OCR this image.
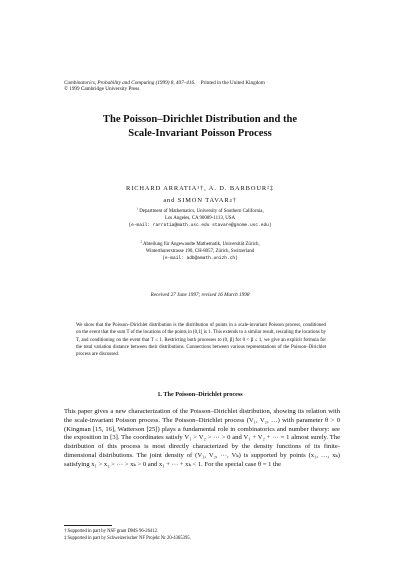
Combinatorics, Probability and Computing (1999) 8, 407–416. Printed in the United Kingdom
© 1999 Cambridge University Press
The Poisson–Dirichlet Distribution and the
Scale-Invariant Poisson Process
RICHARD ARRATIA¹†, A. D. BARBOUR²‡
and SIMON TAVARɹ†
$^1$ Department of Mathematics, University of Southern California,
Los Angeles, CA 90089-1113, USA
(e-mail: rarratia@math.usc.edu stavare@gnome.usc.edu)
$^2$ Abteilung für Angewandte Mathematik, Universität Zürich,
Winterthurerstrasse 190, CH-8057, Zürich, Switzerland
(e-mail: adb@amath.unizh.ch)
Received 27 June 1997; revised 16 March 1998
We show that the Poisson–Dirichlet distribution is the distribution of points in a scale-invariant Poisson process, conditioned on the event that the sum T of the locations of the points in (0,1] is 1. This extends to a similar result, rescaling the locations by T, and conditioning on the event that T ≤ 1. Restricting both processes to (0, β] for 0 < β ≤ 1, we give an explicit formula for the total variation distance between their distributions. Connections between various representations of the Poisson–Dirichlet process are discussed.
1. The Poisson–Dirichlet process
This paper gives a new characterization of the Poisson–Dirichlet distribution, showing its relation with the scale-invariant Poisson process. The Poisson–Dirichlet process (V₁, V₂, …) with parameter θ > 0 (Kingman [15, 16], Watterson [25]) plays a fundamental role in combinatorics and number theory: see the exposition in [3]. The coordinates satisfy V₁ > V₂ > ··· > 0 and V₁ + V₂ + ··· = 1 almost surely. The distribution of this process is most directly characterized by the density functions of its finite-dimensional distributions. The joint density of (V₁, V₂, ···, Vₖ) is supported by points (x₁, …, xₖ) satisfying x₁ > x₂ > ··· > xₖ > 0 and x₁ + ··· + xₖ < 1. For the special case θ = 1 the
† Supported in part by NSF grant DMS 96-26412.
‡ Supported in part by Schweizerischer NF Projekt Nr 20-4365395.
